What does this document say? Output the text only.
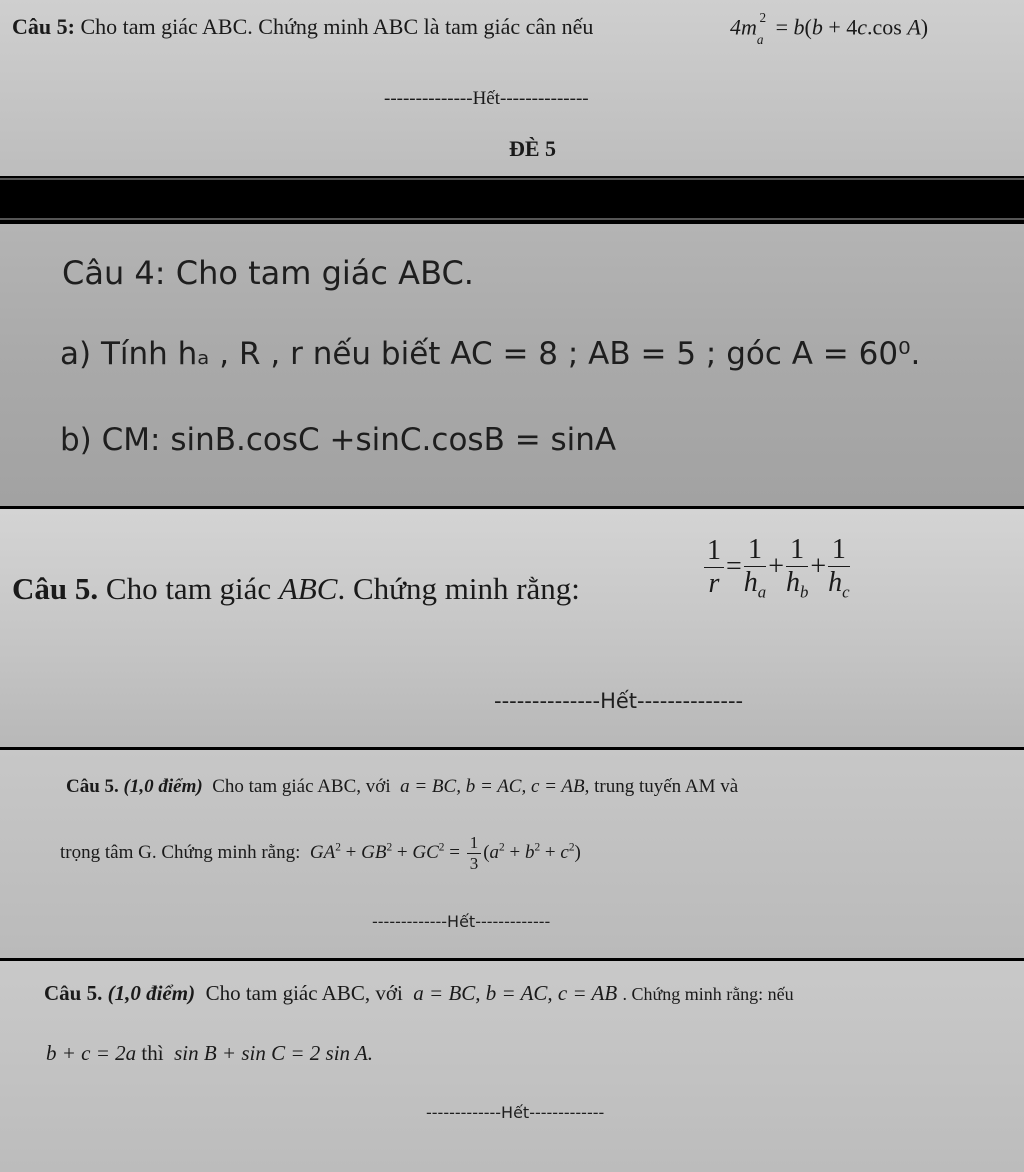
Câu 5: Cho tam giác ABC. Chứng minh ABC là tam giác cân nếu	$4m_a^2 = b(b + 4c.\cos$ A)
--------------Hết--------------
ĐÈ 5
Câu 4: Cho tam giác ABC.
a) Tính hₐ , R , r nếu biết AC = 8 ; AB = 5 ; góc A = 60⁰.
b) CM: sinB.cosC +sinC.cosB = sinA
Câu 5. Cho tam giác ABC. Chứng minh rằng:	$\frac{1}{r} = \frac{1}{h_a} + \frac{1}{h_b} + \frac{1}{h_c}$
--------------Hết--------------
Câu 5. (1,0 điểm) Cho tam giác ABC, với a = BC, b = AC, c = AB, trung tuyến AM và
trọng tâm G. Chứng minh rằng: $GA^2 + GB^2 + GC^2 = \frac{1}{3} (a^2 + b^2 + c^2)$
-------------Hết-------------
Câu 5. (1,0 điểm) Cho tam giác ABC, với a = BC, b = AC, c = AB . Chứng minh rằng: nếu
b + c = 2a thì sin B + sin C = 2 sin A.
-------------Hết-------------
